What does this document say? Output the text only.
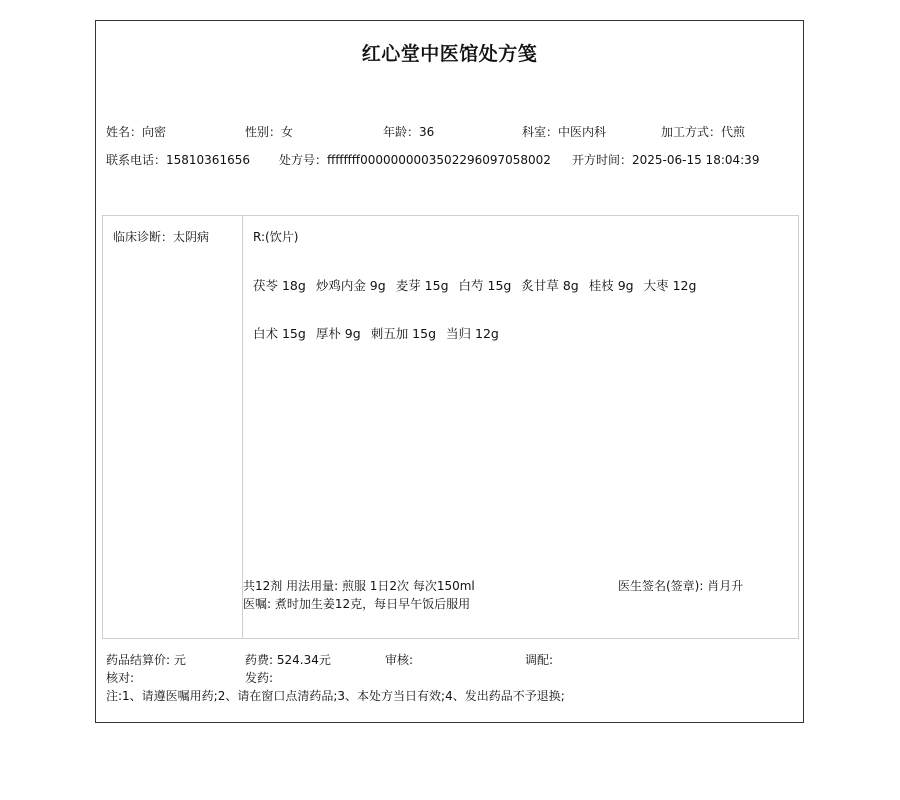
红心堂中医馆处方笺
姓名：向密	性别：女	年龄：36	科室：中医内科	加工方式：代煎
联系电话：15810361656 处方号：ffffffff0000000003502296097058002 开方时间：2025-06-15 18:04:39
临床诊断：太阴病	R:(饮片)
茯苓 18g 炒鸡内金 9g 麦芽 15g 白芍 15g 炙甘草 8g 桂枝 9g 大枣 12g
白术 15g 厚朴 9g 刺五加 15g 当归 12g
共12剂 用法用量: 煎服 1日2次 每次150ml	医生签名(签章): 肖月升
医嘱: 煮时加生姜12克，每日早午饭后服用
药品结算价: 元	药费: 524.34元	审核:	调配:
核对:	发药:
注:1、请遵医嘱用药;2、请在窗口点清药品;3、本处方当日有效;4、发出药品不予退换;
